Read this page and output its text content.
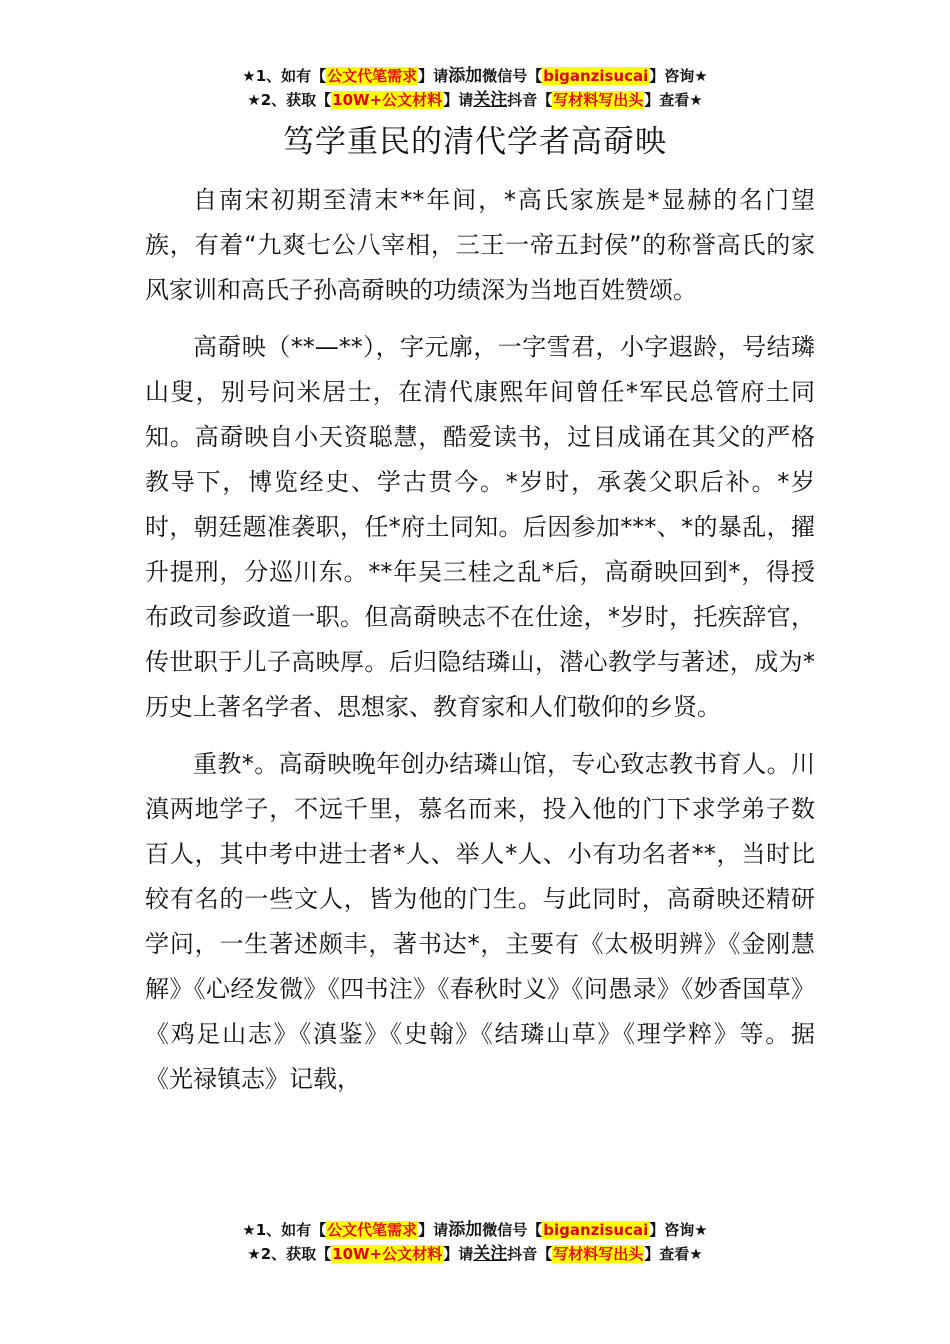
★1、如有【公文代笔需求】请添加微信号【biganzisucai】咨询★
★2、获取【10W+公文材料】请关注抖音【写材料写出头】查看★
笃学重民的清代学者高奣映

自南宋初期至清末**年间，*高氏家族是*显赫的名门望族，有着“九爽七公八宰相，三王一帝五封侯”的称誉高氏的家风家训和高氏子孙高奣映的功绩深为当地百姓赞颂。

高奣映（**—**），字元廓，一字雪君，小字遐龄，号结璘山叟，别号问米居士，在清代康熙年间曾任*军民总管府土同知。高奣映自小天资聪慧，酷爱读书，过目成诵在其父的严格教导下，博览经史、学古贯今。*岁时，承袭父职后补。*岁时，朝廷题准袭职，任*府土同知。后因参加***、*的暴乱，擢升提刑，分巡川东。**年吴三桂之乱*后，高奣映回到*，得授布政司参政道一职。但高奣映志不在仕途，*岁时，托疾辞官，传世职于儿子高映厚。后归隐结璘山，潜心教学与著述，成为*历史上著名学者、思想家、教育家和人们敬仰的乡贤。

重教*。高奣映晚年创办结璘山馆，专心致志教书育人。川滇两地学子，不远千里，慕名而来，投入他的门下求学弟子数百人，其中考中进士者*人、举人*人、小有功名者**，当时比较有名的一些文人，皆为他的门生。与此同时，高奣映还精研学问，一生著述颇丰，著书达*，主要有《太极明辨》《金刚慧解》《心经发微》《四书注》《春秋时义》《问愚录》《妙香国草》《鸡足山志》《滇鉴》《史翰》《结璘山草》《理学粹》等。据《光禄镇志》记载，

★1、如有【公文代笔需求】请添加微信号【biganzisucai】咨询★
★2、获取【10W+公文材料】请关注抖音【写材料写出头】查看★
